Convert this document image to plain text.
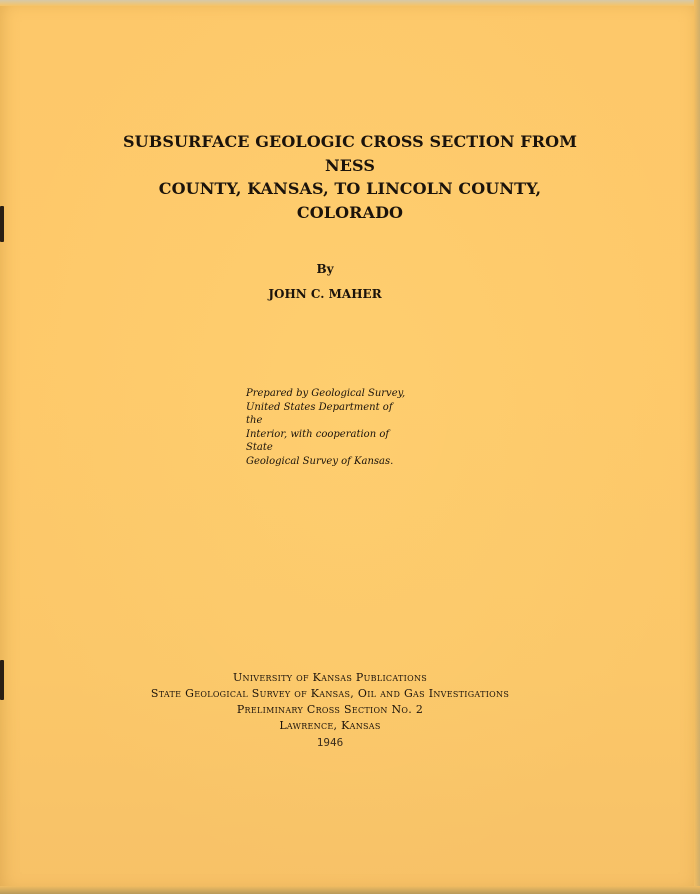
SUBSURFACE GEOLOGIC CROSS SECTION FROM NESS
COUNTY, KANSAS, TO LINCOLN COUNTY,
COLORADO
By
JOHN C. MAHER
Prepared by Geological Survey,
United States Department of the
Interior, with cooperation of State
Geological Survey of Kansas.
University of Kansas Publications
State Geological Survey of Kansas, Oil and Gas Investigations
Preliminary Cross Section No. 2
Lawrence, Kansas
1946
